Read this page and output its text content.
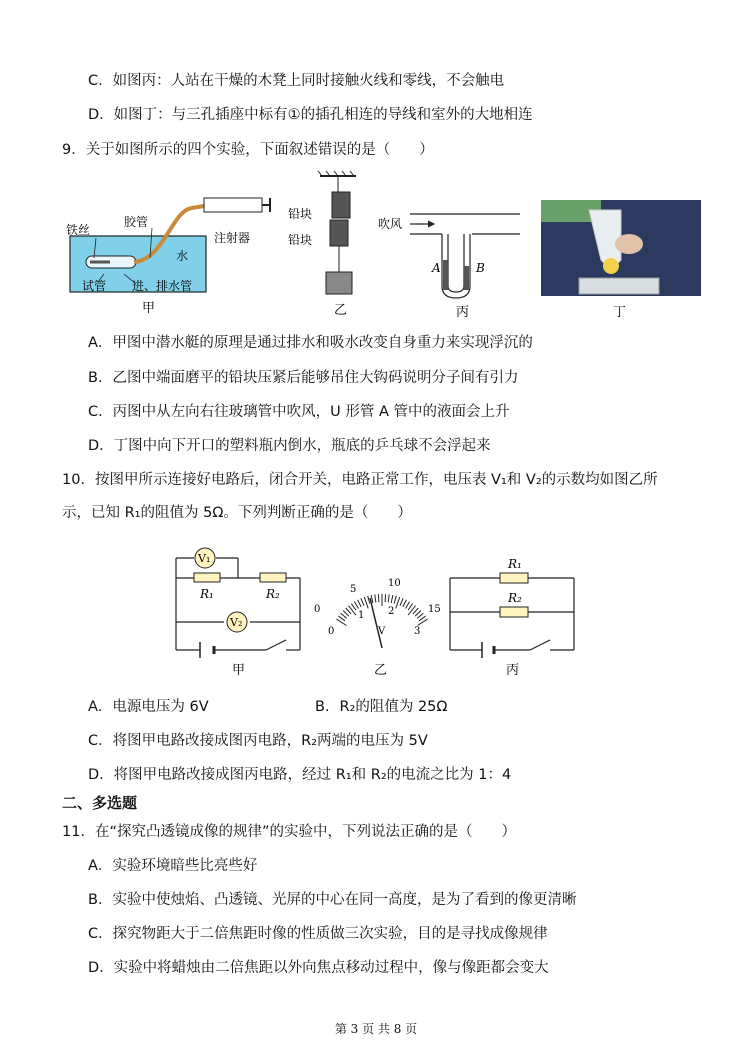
C．如图丙：人站在干燥的木凳上同时接触火线和零线，不会触电
D．如图丁：与三孔插座中标有①的插孔相连的导线和室外的大地相连
9．关于如图所示的四个实验，下面叙述错误的是（　　）
铁丝
胶管
注射器
水
试管 进、排水管
甲
铅块
铅块
乙
吹风
A	B
丙	丁
A．甲图中潜水艇的原理是通过排水和吸水改变自身重力来实现浮沉的
B．乙图中端面磨平的铅块压紧后能够吊住大钩码说明分子间有引力
C．丙图中从左向右往玻璃管中吹风，U 形管 A 管中的液面会上升
D．丁图中向下开口的塑料瓶内倒水，瓶底的乒乓球不会浮起来
10．按图甲所示连接好电路后，闭合开关，电路正常工作，电压表 V₁和 V₂的示数均如图乙所
示，已知 R₁的阻值为 5Ω。下列判断正确的是（　　）
V₁
V₂
R₁	R₂
甲
0
5
10
15
0
1 2
3
V
乙
R₁
R₂
丙
A．电源电压为 6V	B．R₂的阻值为 25Ω
C．将图甲电路改接成图丙电路，R₂两端的电压为 5V
D．将图甲电路改接成图丙电路，经过 R₁和 R₂的电流之比为 1：4
二、多选题
11．在“探究凸透镜成像的规律”的实验中，下列说法正确的是（　　）
A．实验环境暗些比亮些好
B．实验中使烛焰、凸透镜、光屏的中心在同一高度，是为了看到的像更清晰
C．探究物距大于二倍焦距时像的性质做三次实验，目的是寻找成像规律
D．实验中将蜡烛由二倍焦距以外向焦点移动过程中，像与像距都会变大
第 3 页 共 8 页
